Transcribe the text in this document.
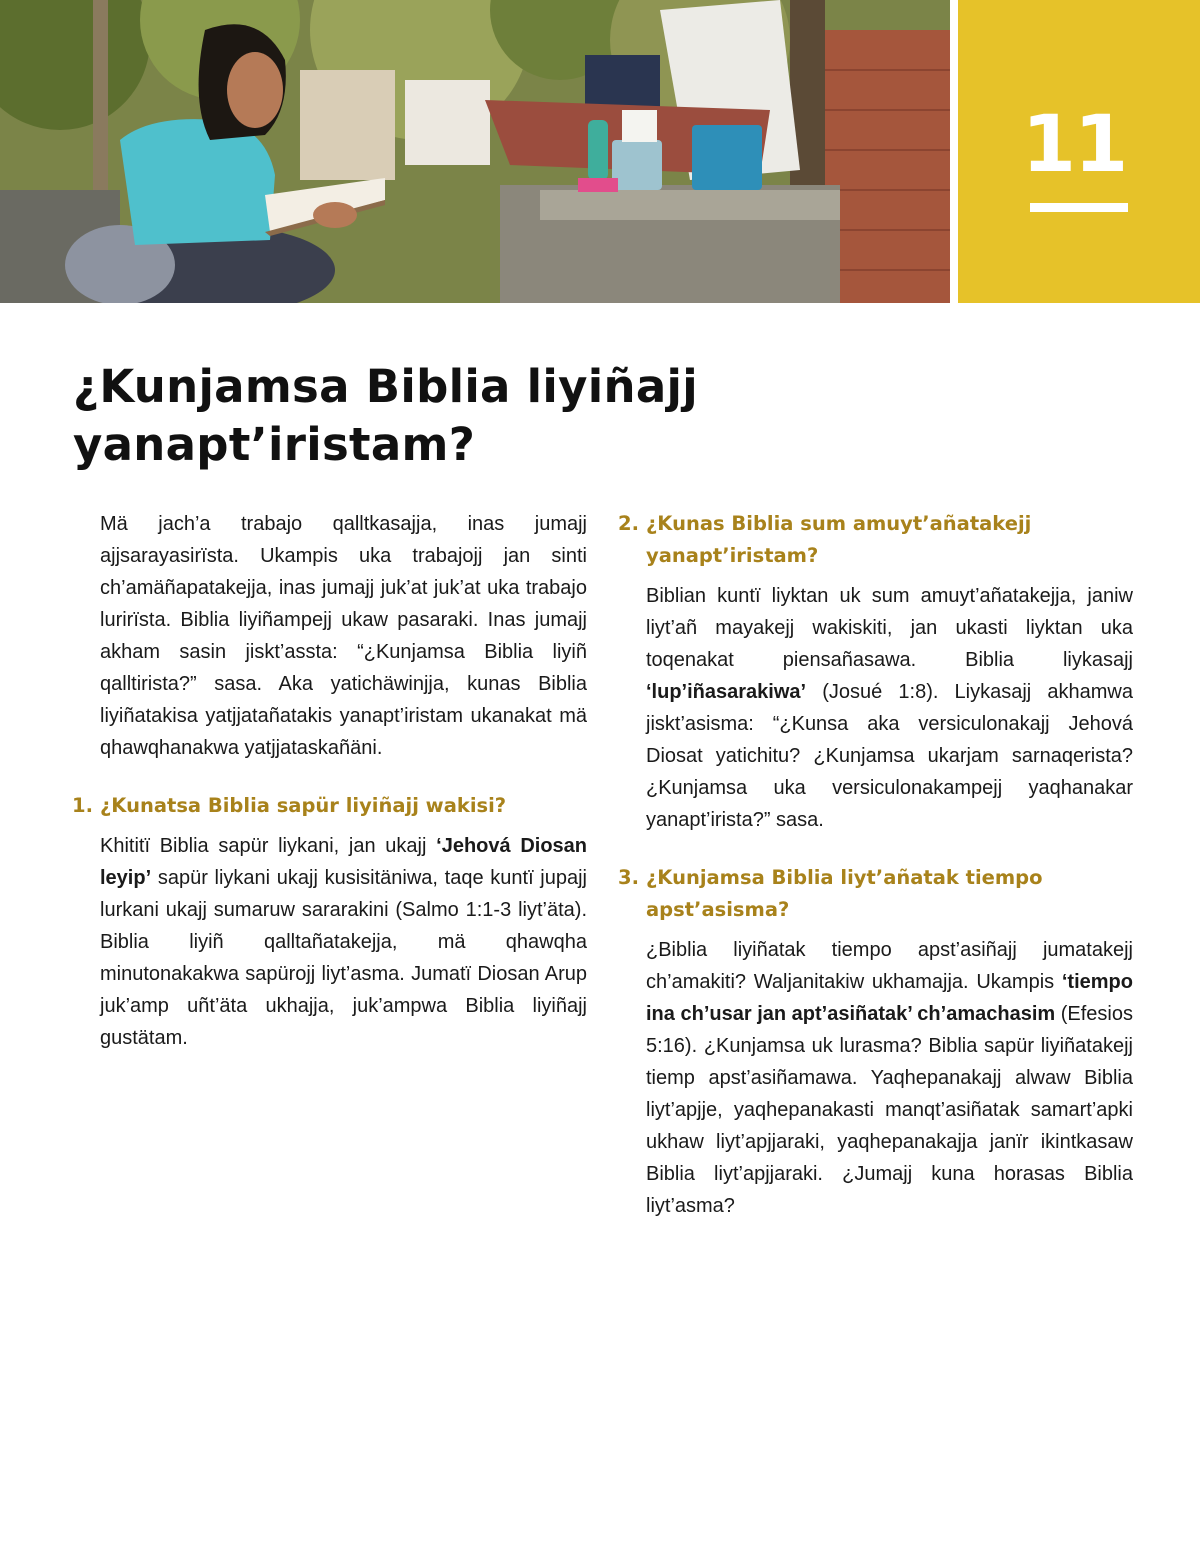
11
¿Kunjamsa Biblia liyiñajj
yanapt’iristam?

Mä jach’a trabajo qalltkasajja, inas jumajj ajjsarayasirïsta. Ukampis uka trabajojj jan sinti ch’amäñapatakejja, inas jumajj juk’at juk’at uka trabajo lurirïsta. Biblia liyiñampejj ukaw pasaraki. Inas jumajj akham sasin jiskt’assta: “¿Kunjamsa Biblia liyiñ qalltirista?” sasa. Aka yatichäwinjja, kunas Biblia liyiñatakisa yatjjatañatakis yanapt’iristam ukanakat mä qhawqhanakwa yatjjataskañäni.

1. ¿Kunatsa Biblia sapür liyiñajj wakisi?

Khititï Biblia sapür liykani, jan ukajj ‘Jehová Diosan leyip’ sapür liykani ukajj kusisitäniwa, taqe kuntï jupajj lurkani ukajj sumaruw sararakini (Salmo 1:1-3 liyt’äta). Biblia liyiñ qalltañatakejja, mä qhawqha minutonakakwa sapürojj liyt’asma. Jumatï Diosan Arup juk’amp uñt’äta ukhajja, juk’ampwa Biblia liyiñajj gustätam.

2. ¿Kunas Biblia sum amuyt’añatakejj yanapt’iristam?

Biblian kuntï liyktan uk sum amuyt’añatakejja, janiw liyt’añ mayakejj wakiskiti, jan ukasti liyktan uka toqenakat piensañasawa. Biblia liykasajj ‘lup’iñasarakiwa’ (Josué 1:8). Liykasajj akhamwa jiskt’asisma: “¿Kunsa aka versiculonakajj Jehová Diosat yatichitu? ¿Kunjamsa ukarjam sarnaqerista? ¿Kunjamsa uka versiculonakampejj yaqhanakar yanapt’irista?” sasa.

3. ¿Kunjamsa Biblia liyt’añatak tiempo apst’asisma?

¿Biblia liyiñatak tiempo apst’asiñajj jumatakejj ch’amakiti? Waljanitakiw ukhamajja. Ukampis ‘tiempo ina ch’usar jan apt’asiñatak’ ch’amachasim (Efesios 5:16). ¿Kunjamsa uk lurasma? Biblia sapür liyiñatakejj tiemp apst’asiñamawa. Yaqhepanakajj alwaw Biblia liyt’apjje, yaqhepanakasti manqt’asiñatak samart’apki ukhaw liyt’apjjaraki, yaqhepanakajja janïr ikintkasaw Biblia liyt’apjjaraki. ¿Jumajj kuna horasas Biblia liyt’asma?
